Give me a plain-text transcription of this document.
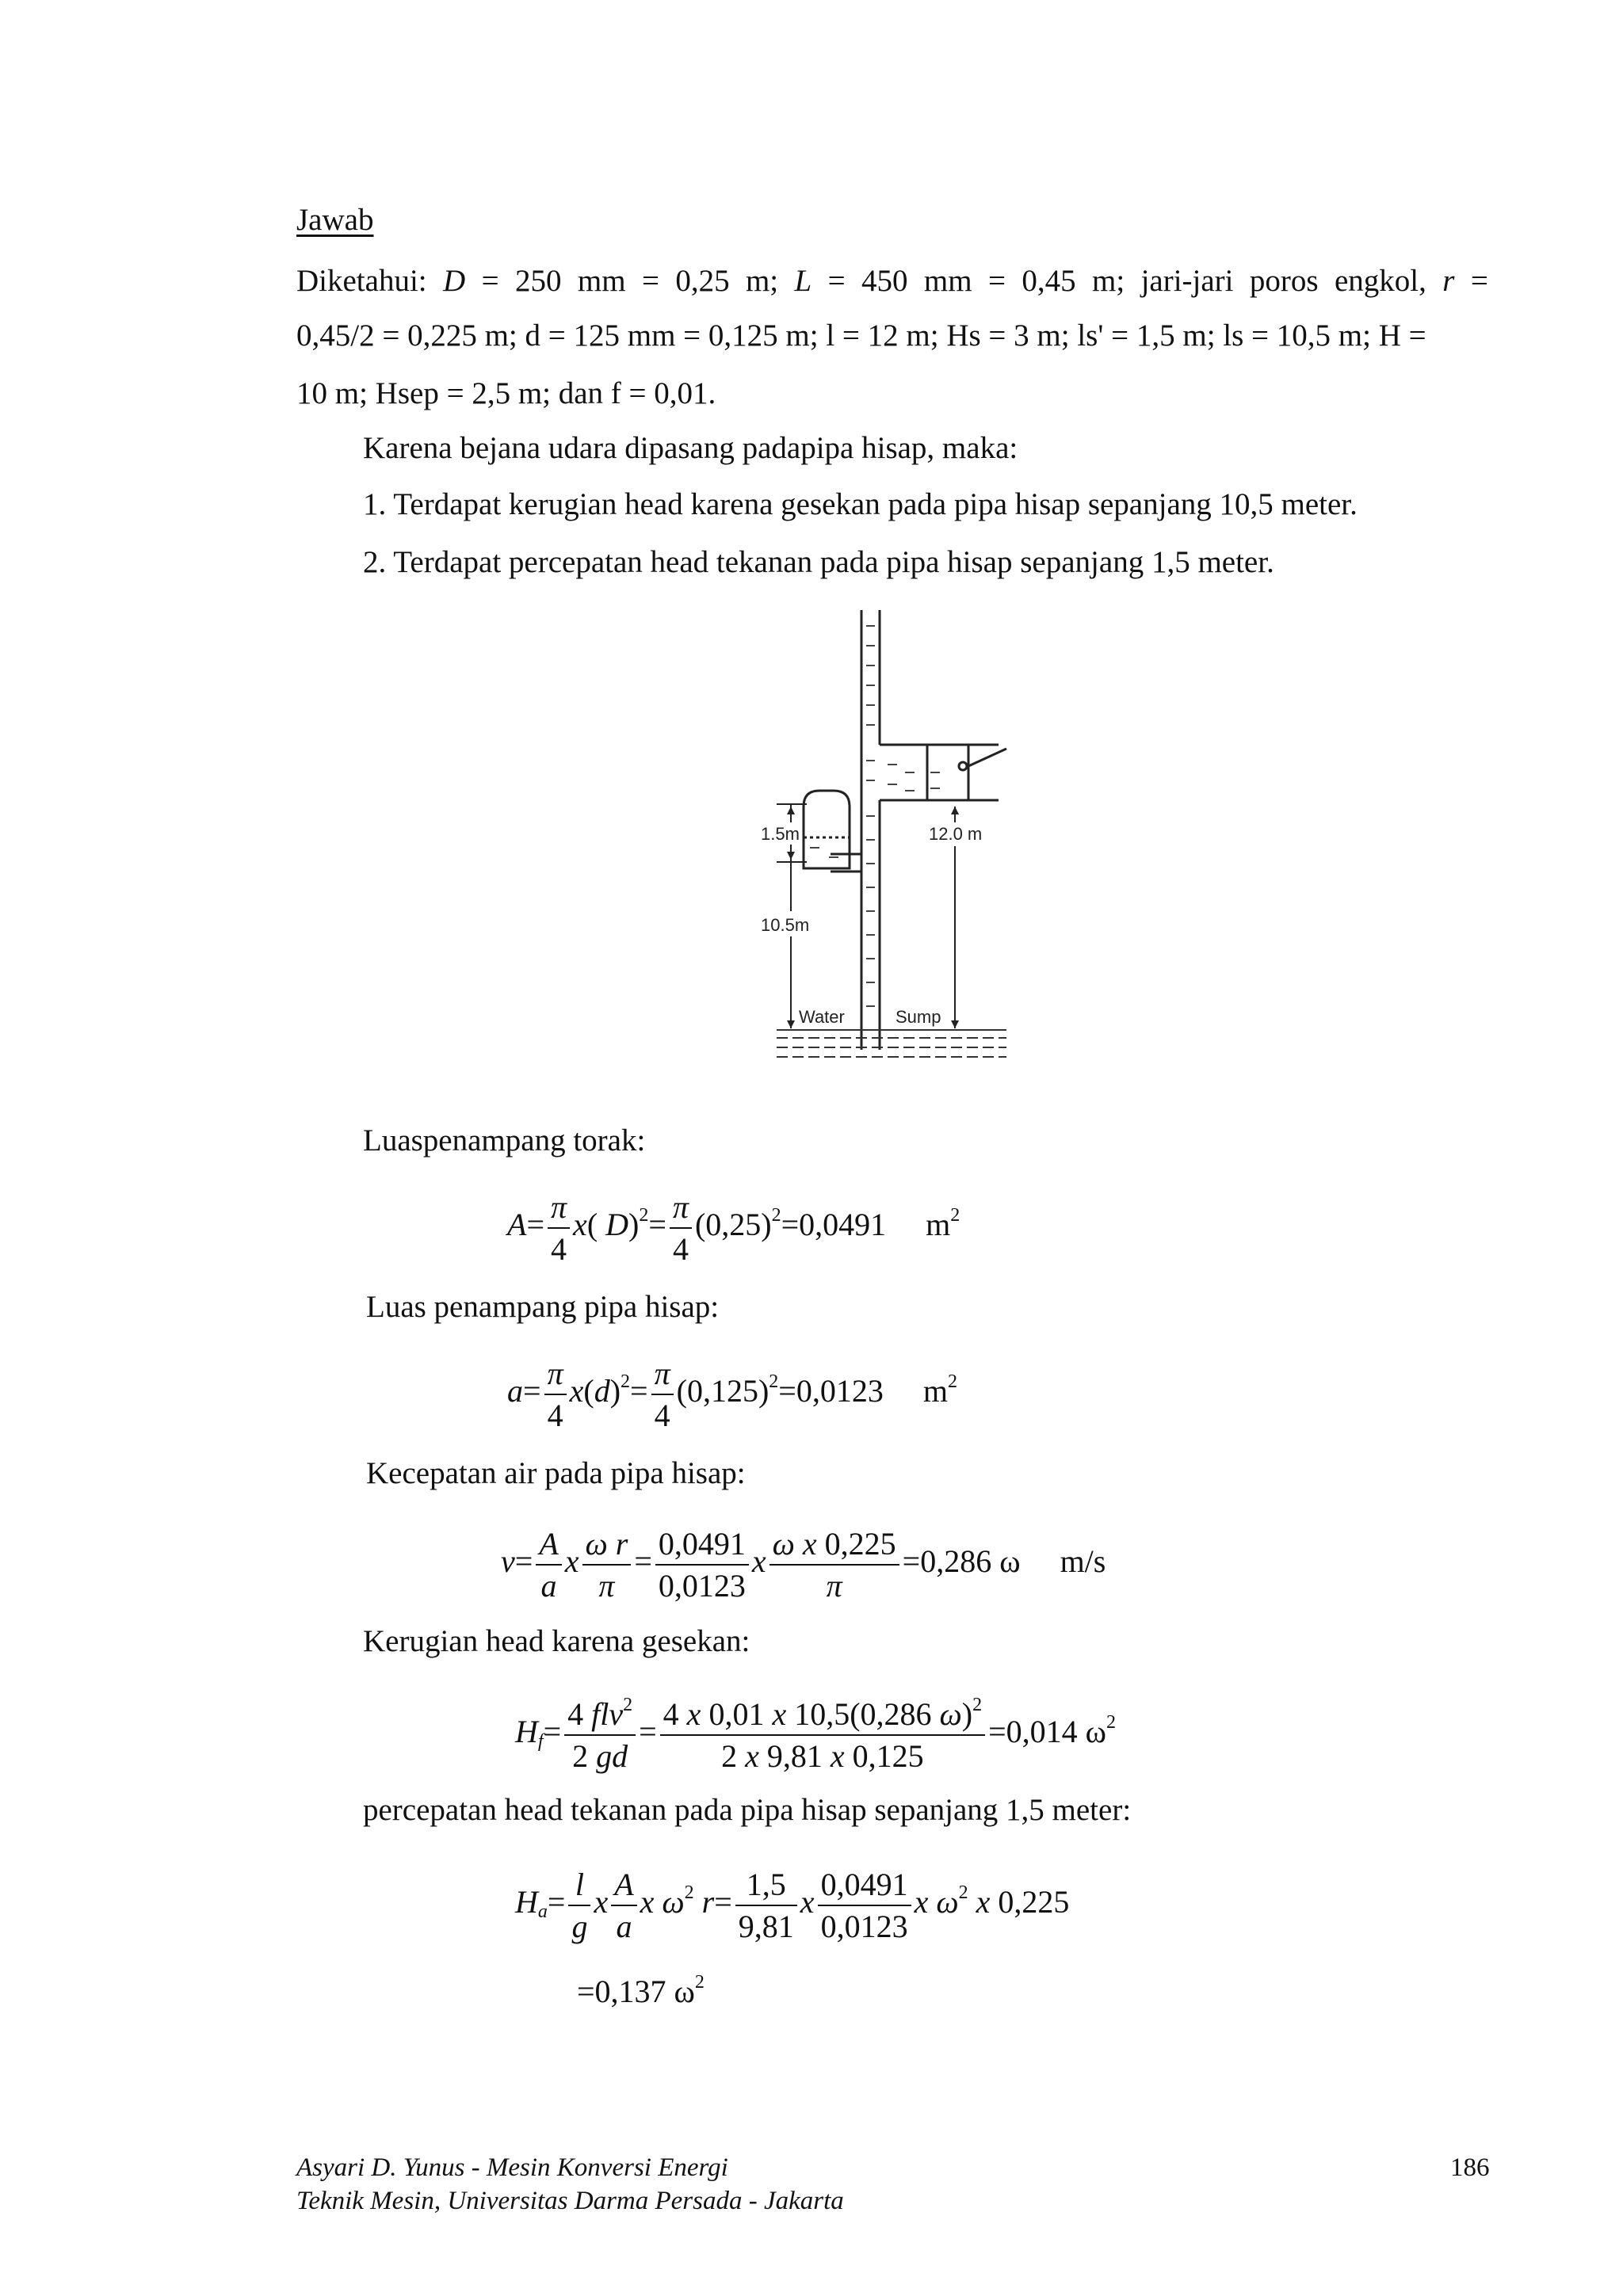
Jawab
Diketahui: D = 250 mm = 0,25 m; L = 450 mm = 0,45 m; jari-jari poros engkol, r =
0,45/2 = 0,225 m; d = 125 mm = 0,125 m; l = 12 m; Hs = 3 m; ls' = 1,5 m; ls = 10,5 m; H =
10 m; Hsep = 2,5 m; dan f = 0,01.
Karena bejana udara dipasang padapipa hisap, maka:
1. Terdapat kerugian head karena gesekan pada pipa hisap sepanjang 10,5 meter.
2. Terdapat percepatan head tekanan pada pipa hisap sepanjang 1,5 meter.
1.5m	12.0 m
10.5m
Water	Sump
Luaspenampang torak:
$A= \frac{\pi}{4} x$( $D)^2= \frac{\pi}{4} (0,25)^2=0,0491$ $m^2$
Luas penampang pipa hisap:
$a= \frac{\pi}{4} x(d)^2= \frac{\pi}{4} (0,125)^2=0,0123$ $m^2$
Kecepatan air pada pipa hisap:
$v= \frac{A}{a}$ x $\frac{\text{ω r}}{\pi} = \frac{0,0491}{0,0123}$ x $\frac{\text{ω x 0,225}}{\pi} =0,286$ ω m/s
Kerugian head karena gesekan:
$H_f= \frac{4 flv^2}{2 gd} = \frac{4 x 0,01 x 10,5(0,286 \omega)^2}{2 x 9,81 x 0,125} =0,014$ $\omega^2$
percepatan head tekanan pada pipa hisap sepanjang 1,5 meter:
$H_a= \frac{l}{g}$ x $\frac{A}{a}$ x $\omega^2$ $r= \frac{1,5}{9,81}$ x $\frac{0,0491}{0,0123}$ x $\omega^2$ x 0,225
=0,137 $\omega^2$
Asyari D. Yunus - Mesin Konversi Energi
Teknik Mesin, Universitas Darma Persada - Jakarta
186
